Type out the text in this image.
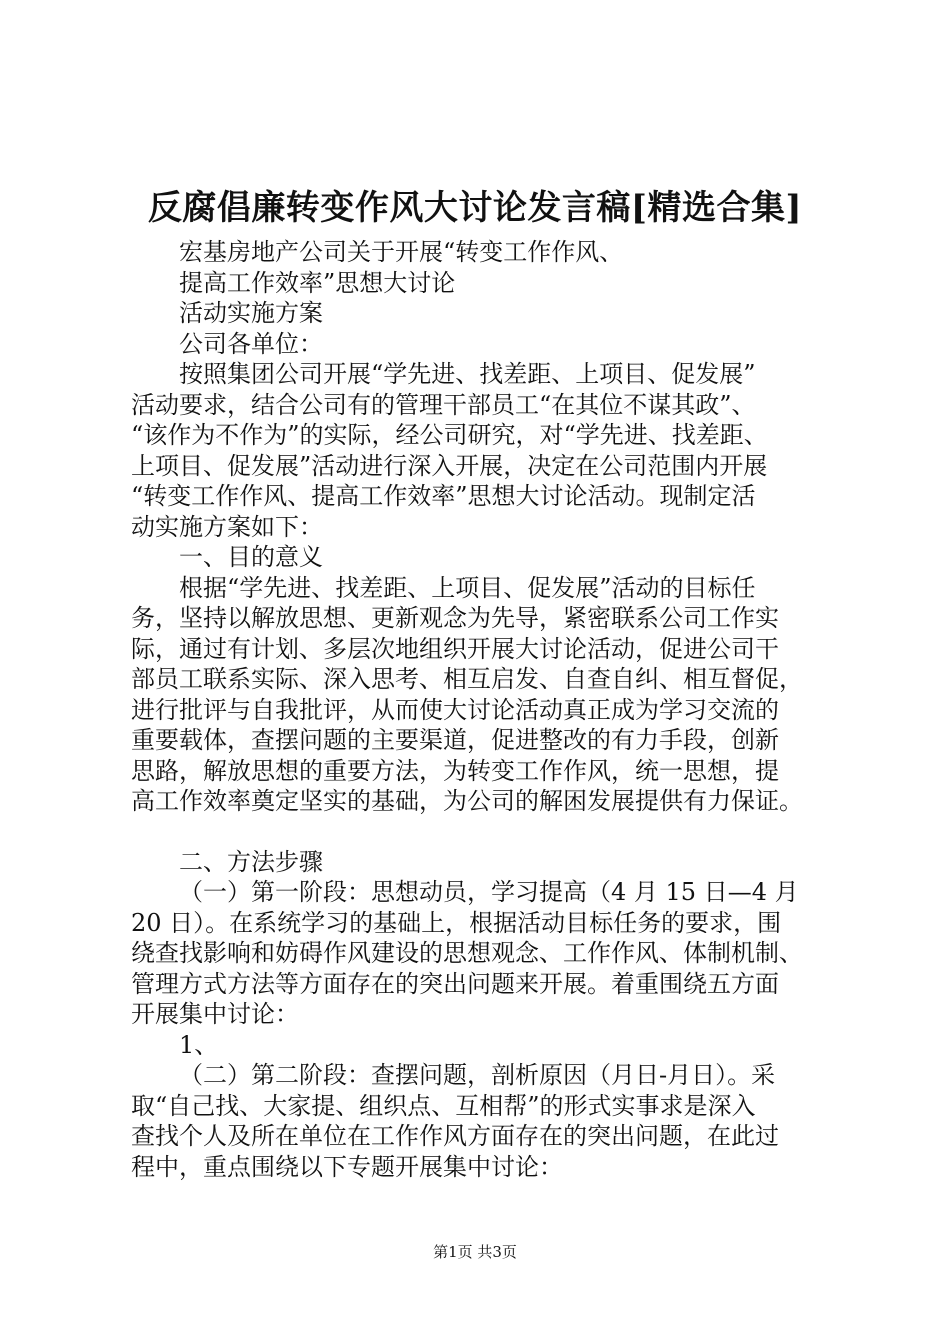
反腐倡廉转变作风大讨论发言稿[精选合集]
宏基房地产公司关于开展“转变工作作风、
提高工作效率”思想大讨论
活动实施方案
公司各单位：
按照集团公司开展“学先进、找差距、上项目、促发展”
活动要求，结合公司有的管理干部员工“在其位不谋其政”、
“该作为不作为”的实际，经公司研究，对“学先进、找差距、
上项目、促发展”活动进行深入开展，决定在公司范围内开展
“转变工作作风、提高工作效率”思想大讨论活动。现制定活
动实施方案如下：
一、目的意义
根据“学先进、找差距、上项目、促发展”活动的目标任
务，坚持以解放思想、更新观念为先导，紧密联系公司工作实
际，通过有计划、多层次地组织开展大讨论活动，促进公司干
部员工联系实际、深入思考、相互启发、自查自纠、相互督促，
进行批评与自我批评，从而使大讨论活动真正成为学习交流的
重要载体，查摆问题的主要渠道，促进整改的有力手段，创新
思路，解放思想的重要方法，为转变工作作风，统一思想，提
高工作效率奠定坚实的基础，为公司的解困发展提供有力保证。
二、方法步骤
（一）第一阶段：思想动员，学习提高（4 月 15 日—4 月
20 日）。在系统学习的基础上，根据活动目标任务的要求，围
绕查找影响和妨碍作风建设的思想观念、工作作风、体制机制、
管理方式方法等方面存在的突出问题来开展。着重围绕五方面
开展集中讨论：
1、
（二）第二阶段：查摆问题，剖析原因（月日-月日）。采
取“自己找、大家提、组织点、互相帮”的形式实事求是深入
查找个人及所在单位在工作作风方面存在的突出问题，在此过
程中，重点围绕以下专题开展集中讨论：
第1页 共3页
